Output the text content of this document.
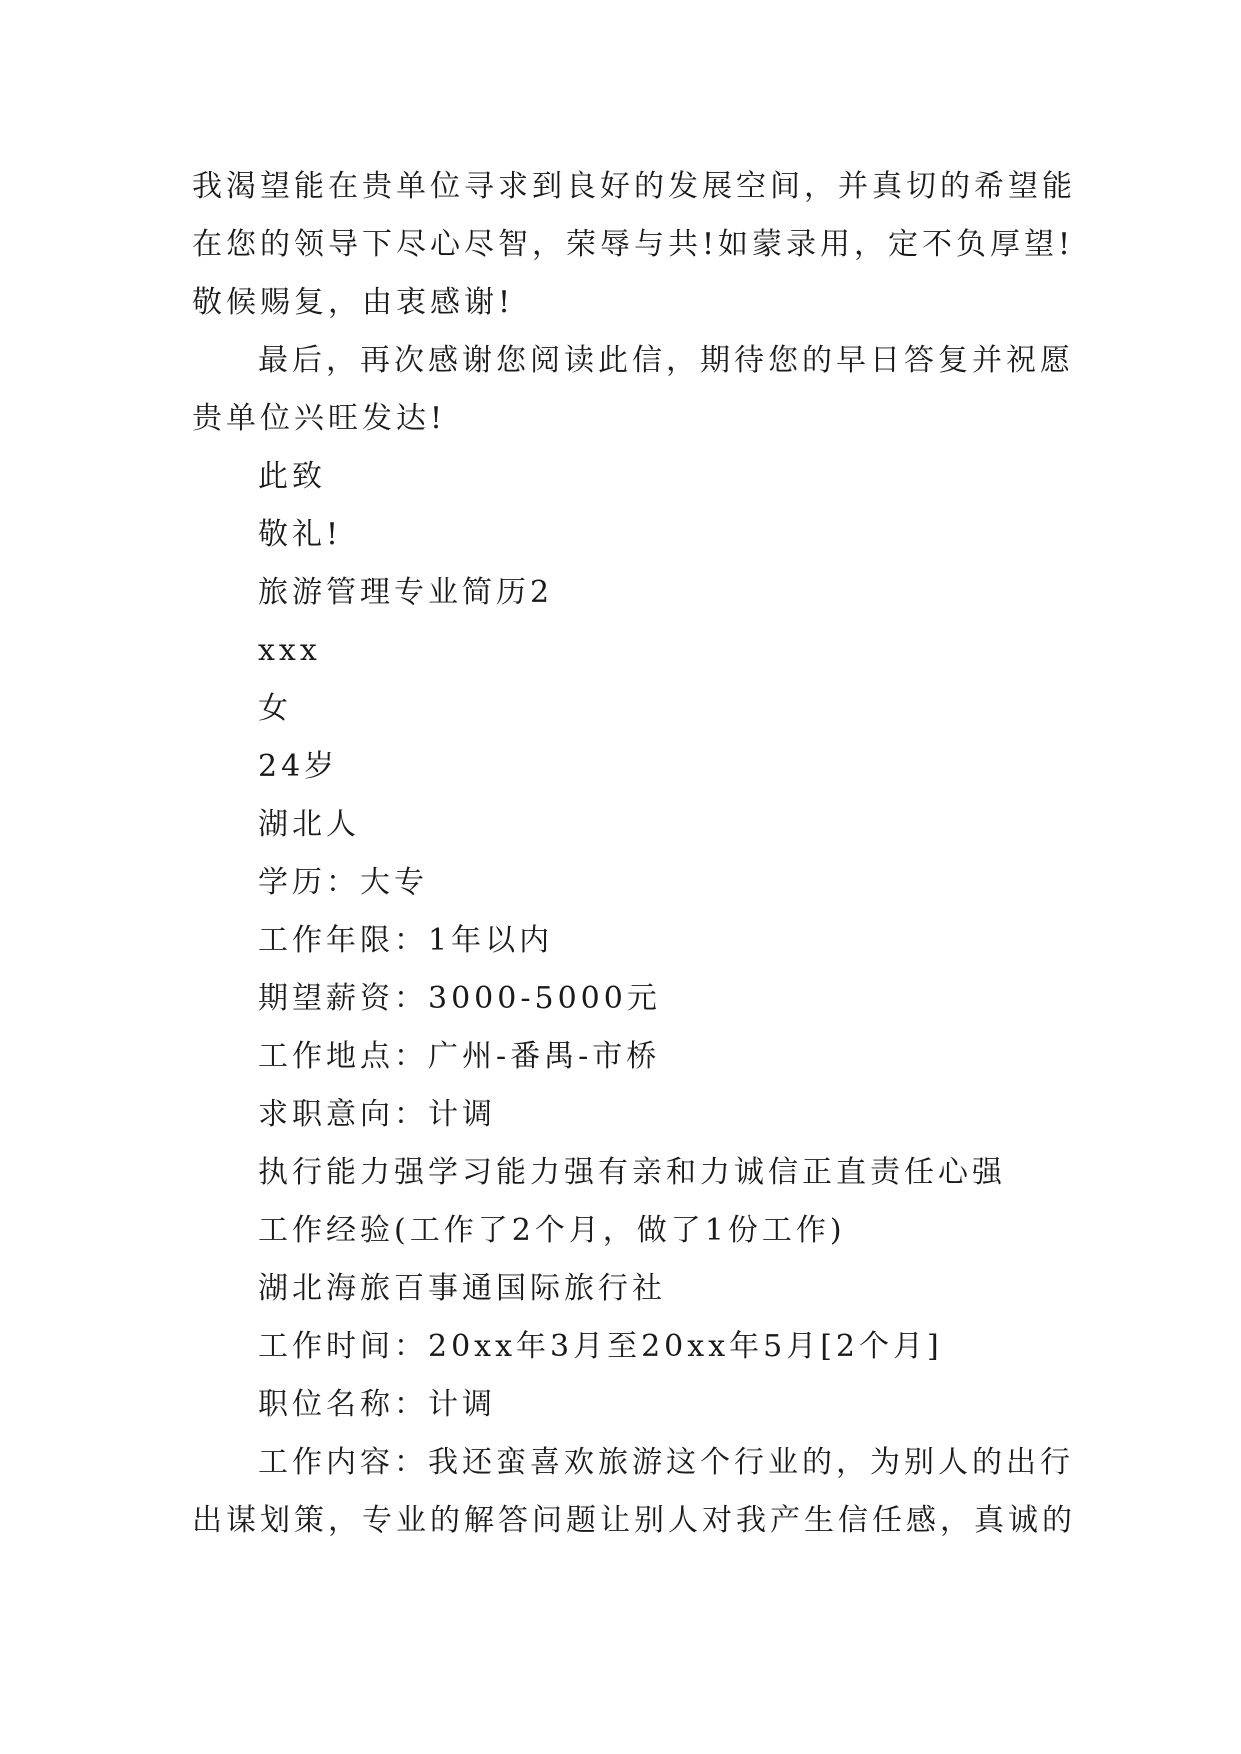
我渴望能在贵单位寻求到良好的发展空间，并真切的希望能
在您的领导下尽心尽智，荣辱与共!如蒙录用，定不负厚望!
敬候赐复，由衷感谢!
最后，再次感谢您阅读此信，期待您的早日答复并祝愿
贵单位兴旺发达!
此致
敬礼!
旅游管理专业简历2
xxx
女
24岁
湖北人
学历：大专
工作年限：1年以内
期望薪资：3000-5000元
工作地点：广州-番禺-市桥
求职意向：计调
执行能力强学习能力强有亲和力诚信正直责任心强
工作经验(工作了2个月，做了1份工作)
湖北海旅百事通国际旅行社
工作时间：20xx年3月至20xx年5月[2个月]
职位名称：计调
工作内容：我还蛮喜欢旅游这个行业的，为别人的出行
出谋划策，专业的解答问题让别人对我产生信任感，真诚的
